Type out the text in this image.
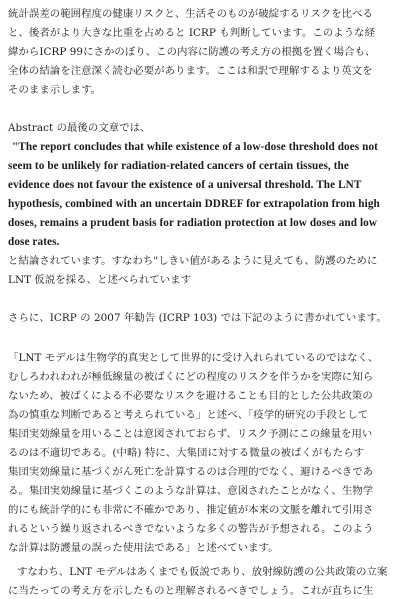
統計誤差の範囲程度の健康リスクと、生活そのものが破綻するリスクを比べる
と、後者がより大きな比重を占めると ICRP も判断しています。このような経
緯からICRP 99にさかのぼり、この内容に防護の考え方の根拠を置く場合も、
全体の結論を注意深く読む必要があります。ここは和訳で理解するより英文を
そのまま示します。
Abstract の最後の文章では、
"The report concludes that while existence of a low-dose threshold does not
seem to be unlikely for radiation-related cancers of certain tissues, the
evidence does not favour the existence of a universal threshold. The LNT
hypothesis, combined with an uncertain DDREF for extrapolation from high
doses, remains a prudent basis for radiation protection at low doses and low
dose rates.
と結論されています。すなわち"しきい値があるように見えても、防護のために
LNT 仮説を採る、と述べられています
さらに、ICRP の 2007 年勧告 (ICRP 103) では下記のように書かれています。
「LNT モデルは生物学的真実として世界的に受け入れられているのではなく、
むしろわれわれが極低線量の被ばくにどの程度のリスクを伴うかを実際に知ら
ないため、被ばくによる不必要なリスクを避けることも目的とした公共政策の
為の慎重な判断であると考えられている」と述べ、「疫学的研究の手段として
集団実効線量を用いることは意図されておらず、リスク予測にこの線量を用い
るのは不適切である。(中略) 特に、大集団に対する微量の被ばくがもたらす
集団実効線量に基づくがん死亡を計算するのは合理的でなく、避けるべきであ
る。集団実効線量に基づくこのような計算は、意図されたことがなく、生物学
的にも統計学的にも非常に不確かであり、推定値が本来の文脈を離れて引用さ
れるという繰り返されるべきでないような多くの警告が予想される。このよう
な計算は防護量の誤った使用法である」と述べています。
すなわち、LNT モデルはあくまでも仮説であり、放射線防護の公共政策の立案
に当たっての考え方を示したものと理解されるべきでしょう。これが直ちに生
